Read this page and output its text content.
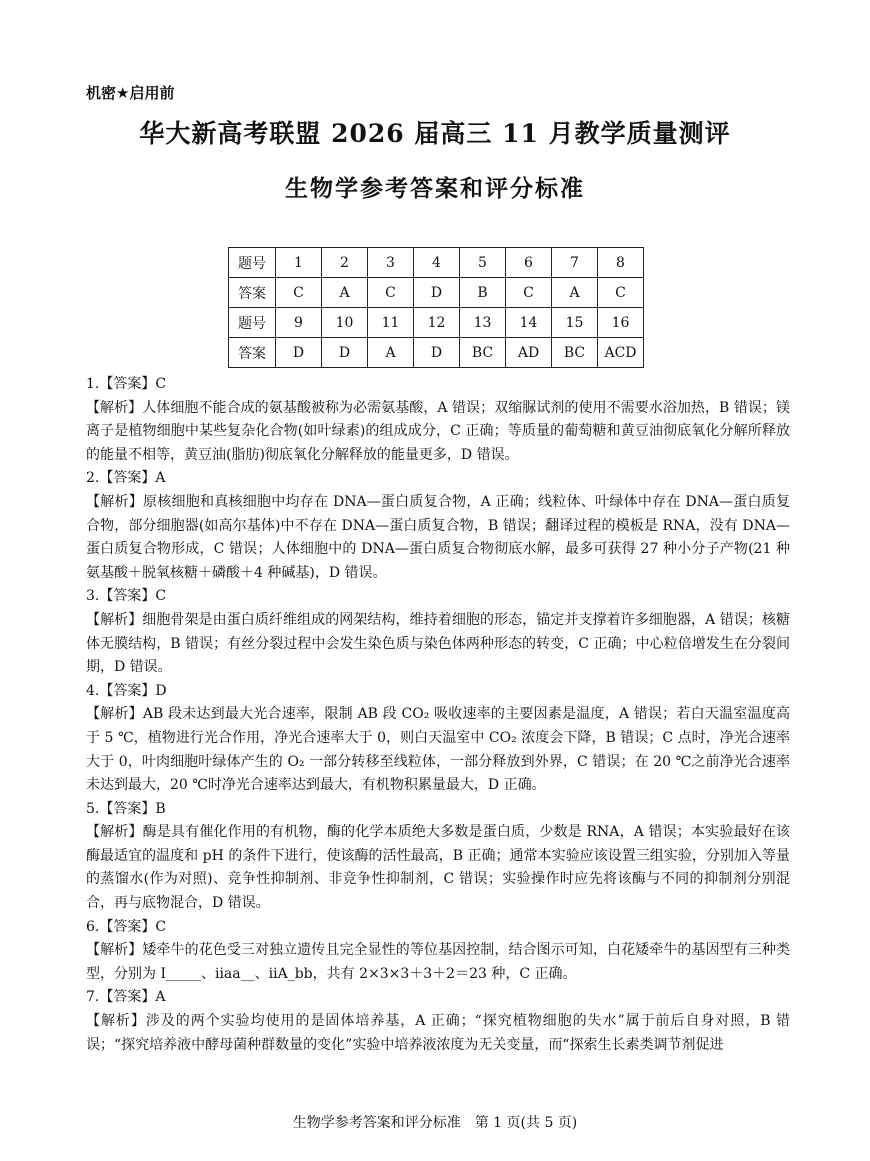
机密★启用前
华大新高考联盟 2026 届高三 11 月教学质量测评
生物学参考答案和评分标准
题号	1	2	3	4	5	6	7	8
答案	C	A	C	D	B	C	A	C
题号	9	10	11	12	13	14	15	16
答案	D	D	A	D	BC	AD	BC	ACD

1.【答案】C

【解析】人体细胞不能合成的氨基酸被称为必需氨基酸，A 错误；双缩脲试剂的使用不需要水浴加热，B 错误；镁离子是植物细胞中某些复杂化合物(如叶绿素)的组成成分，C 正确；等质量的葡萄糖和黄豆油彻底氧化分解所释放的能量不相等，黄豆油(脂肪)彻底氧化分解释放的能量更多，D 错误。

2.【答案】A

【解析】原核细胞和真核细胞中均存在 DNA—蛋白质复合物，A 正确；线粒体、叶绿体中存在 DNA—蛋白质复合物，部分细胞器(如高尔基体)中不存在 DNA—蛋白质复合物，B 错误；翻译过程的模板是 RNA，没有 DNA—蛋白质复合物形成，C 错误；人体细胞中的 DNA—蛋白质复合物彻底水解，最多可获得 27 种小分子产物(21 种氨基酸＋脱氧核糖＋磷酸＋4 种碱基)，D 错误。

3.【答案】C

【解析】细胞骨架是由蛋白质纤维组成的网架结构，维持着细胞的形态，锚定并支撑着许多细胞器，A 错误；核糖体无膜结构，B 错误；有丝分裂过程中会发生染色质与染色体两种形态的转变，C 正确；中心粒倍增发生在分裂间期，D 错误。

4.【答案】D

【解析】AB 段未达到最大光合速率，限制 AB 段 CO₂ 吸收速率的主要因素是温度，A 错误；若白天温室温度高于 5 ℃，植物进行光合作用，净光合速率大于 0，则白天温室中 CO₂ 浓度会下降，B 错误；C 点时，净光合速率大于 0，叶肉细胞叶绿体产生的 O₂ 一部分转移至线粒体，一部分释放到外界，C 错误；在 20 ℃之前净光合速率未达到最大，20 ℃时净光合速率达到最大，有机物积累量最大，D 正确。

5.【答案】B

【解析】酶是具有催化作用的有机物，酶的化学本质绝大多数是蛋白质，少数是 RNA，A 错误；本实验最好在该酶最适宜的温度和 pH 的条件下进行，使该酶的活性最高，B 正确；通常本实验应该设置三组实验，分别加入等量的蒸馏水(作为对照)、竞争性抑制剂、非竞争性抑制剂，C 错误；实验操作时应先将该酶与不同的抑制剂分别混合，再与底物混合，D 错误。

6.【答案】C

【解析】矮牵牛的花色受三对独立遗传且完全显性的等位基因控制，结合图示可知，白花矮牵牛的基因型有三种类型，分别为 I_____、iiaa__、iiA_bb，共有 2×3×3＋3＋2＝23 种，C 正确。

7.【答案】A

【解析】涉及的两个实验均使用的是固体培养基，A 正确；“探究植物细胞的失水”属于前后自身对照，B 错误；“探究培养液中酵母菌种群数量的变化”实验中培养液浓度为无关变量，而“探索生长素类调节剂促进

生物学参考答案和评分标准　第 1 页(共 5 页)
